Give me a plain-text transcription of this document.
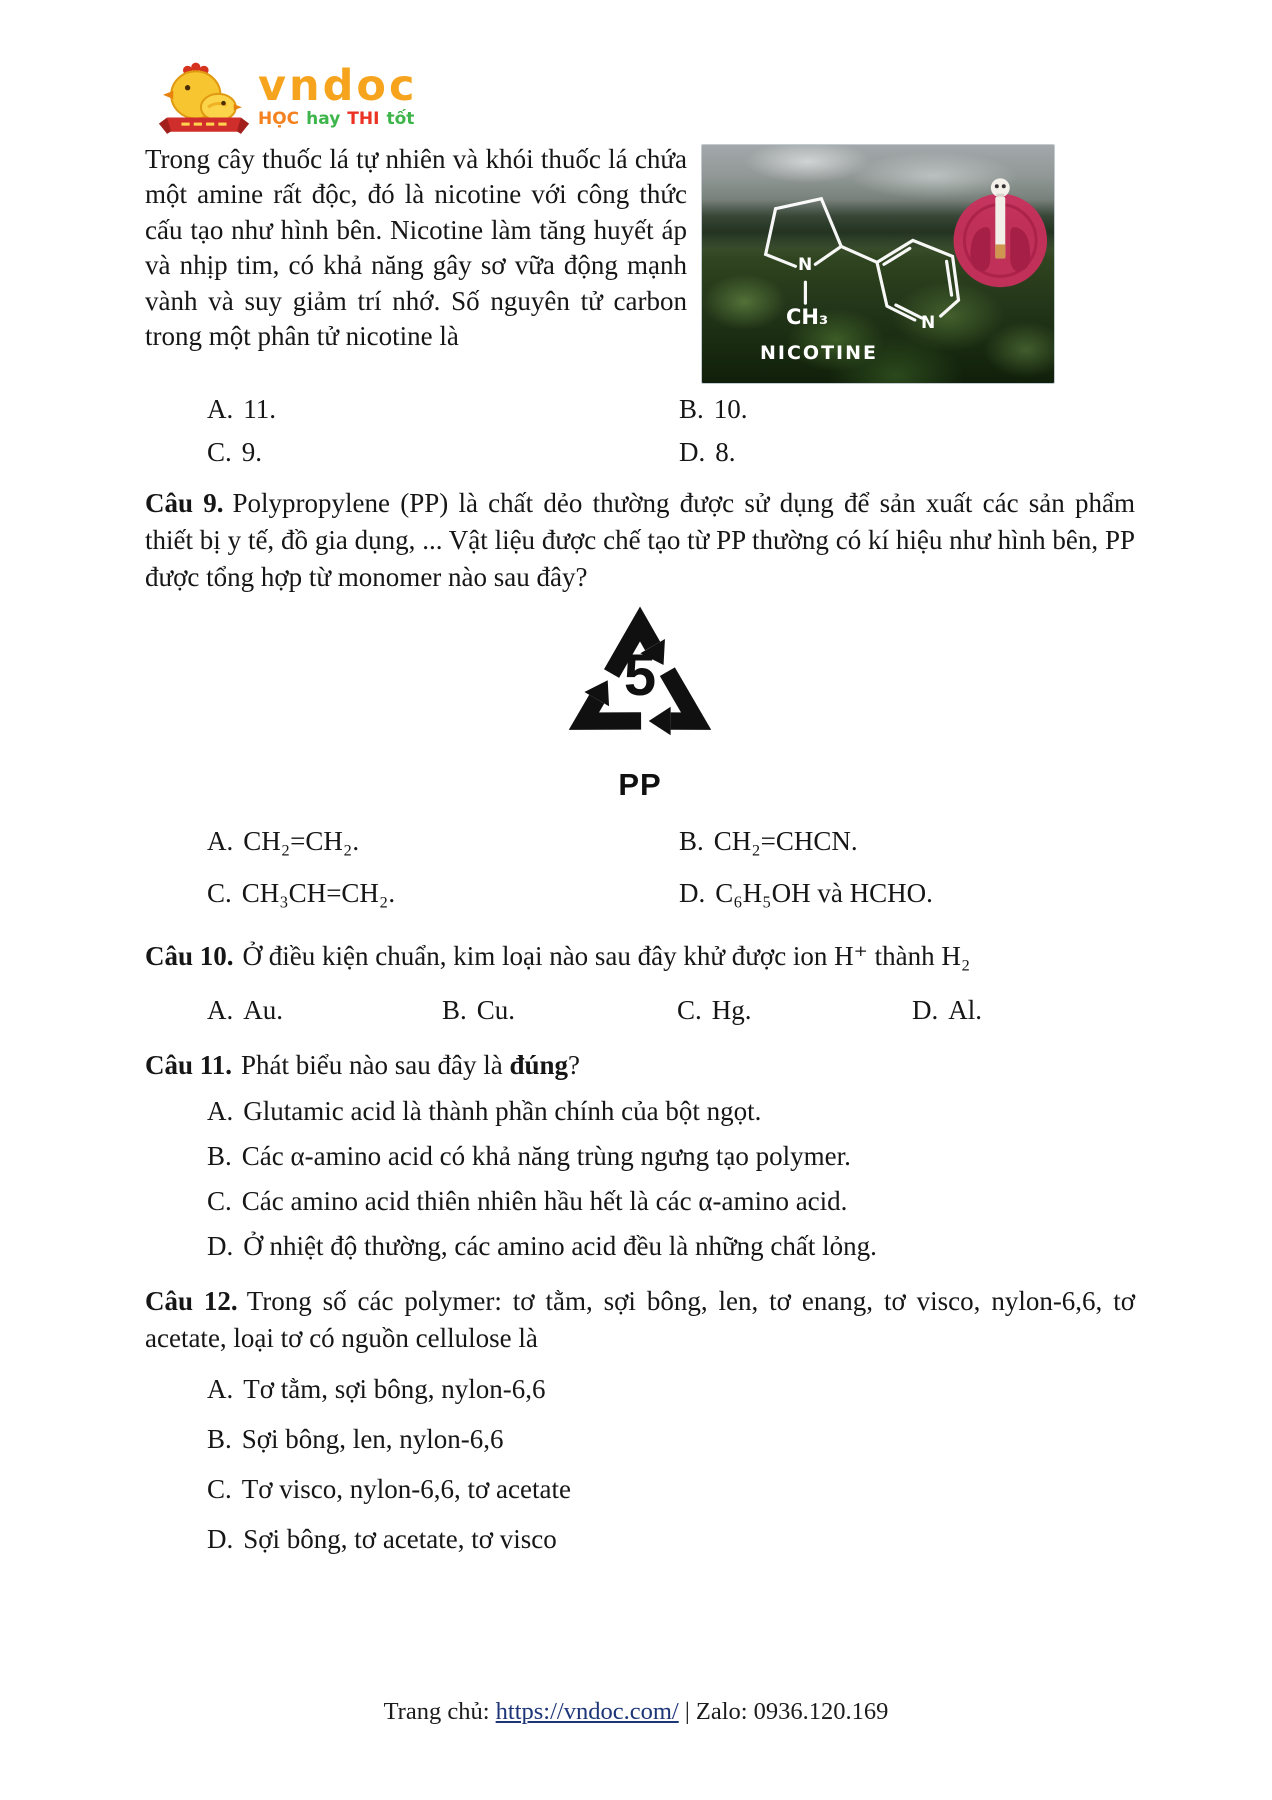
vndoc
HỌC hay THI tốt

Trong cây thuốc lá tự nhiên và khói thuốc lá chứa một amine rất độc, đó là nicotine với công thức cấu tạo như hình bên. Nicotine làm tăng huyết áp và nhịp tim, có khả năng gây sơ vữa động mạnh vành và suy giảm trí nhớ. Số nguyên tử carbon trong một phân tử nicotine là

N
N
CH₃
NICOTINE
A. 11.	B. 10.
C. 9.	D. 8.

Câu 9. Polypropylene (PP) là chất dẻo thường được sử dụng để sản xuất các sản phẩm thiết bị y tế, đồ gia dụng, ... Vật liệu được chế tạo từ PP thường có kí hiệu như hình bên, PP được tổng hợp từ monomer nào sau đây?

5
PP
A. CH₂=CH₂.	B. CH₂=CHCN.
C. CH₃CH=CH₂.	D. C₆H₅OH và HCHO.

Câu 10. Ở điều kiện chuẩn, kim loại nào sau đây khử được ion H⁺ thành H₂

A. Au.	B. Cu.	C. Hg.	D. Al.

Câu 11. Phát biểu nào sau đây là đúng?

A. Glutamic acid là thành phần chính của bột ngọt.
B. Các α-amino acid có khả năng trùng ngưng tạo polymer.
C. Các amino acid thiên nhiên hầu hết là các α-amino acid.
D. Ở nhiệt độ thường, các amino acid đều là những chất lỏng.

Câu 12. Trong số các polymer: tơ tằm, sợi bông, len, tơ enang, tơ visco, nylon-6,6, tơ acetate, loại tơ có nguồn cellulose là

A. Tơ tằm, sợi bông, nylon-6,6
B. Sợi bông, len, nylon-6,6
C. Tơ visco, nylon-6,6, tơ acetate
D. Sợi bông, tơ acetate, tơ visco
Trang chủ: https://vndoc.com/ | Zalo: 0936.120.169
